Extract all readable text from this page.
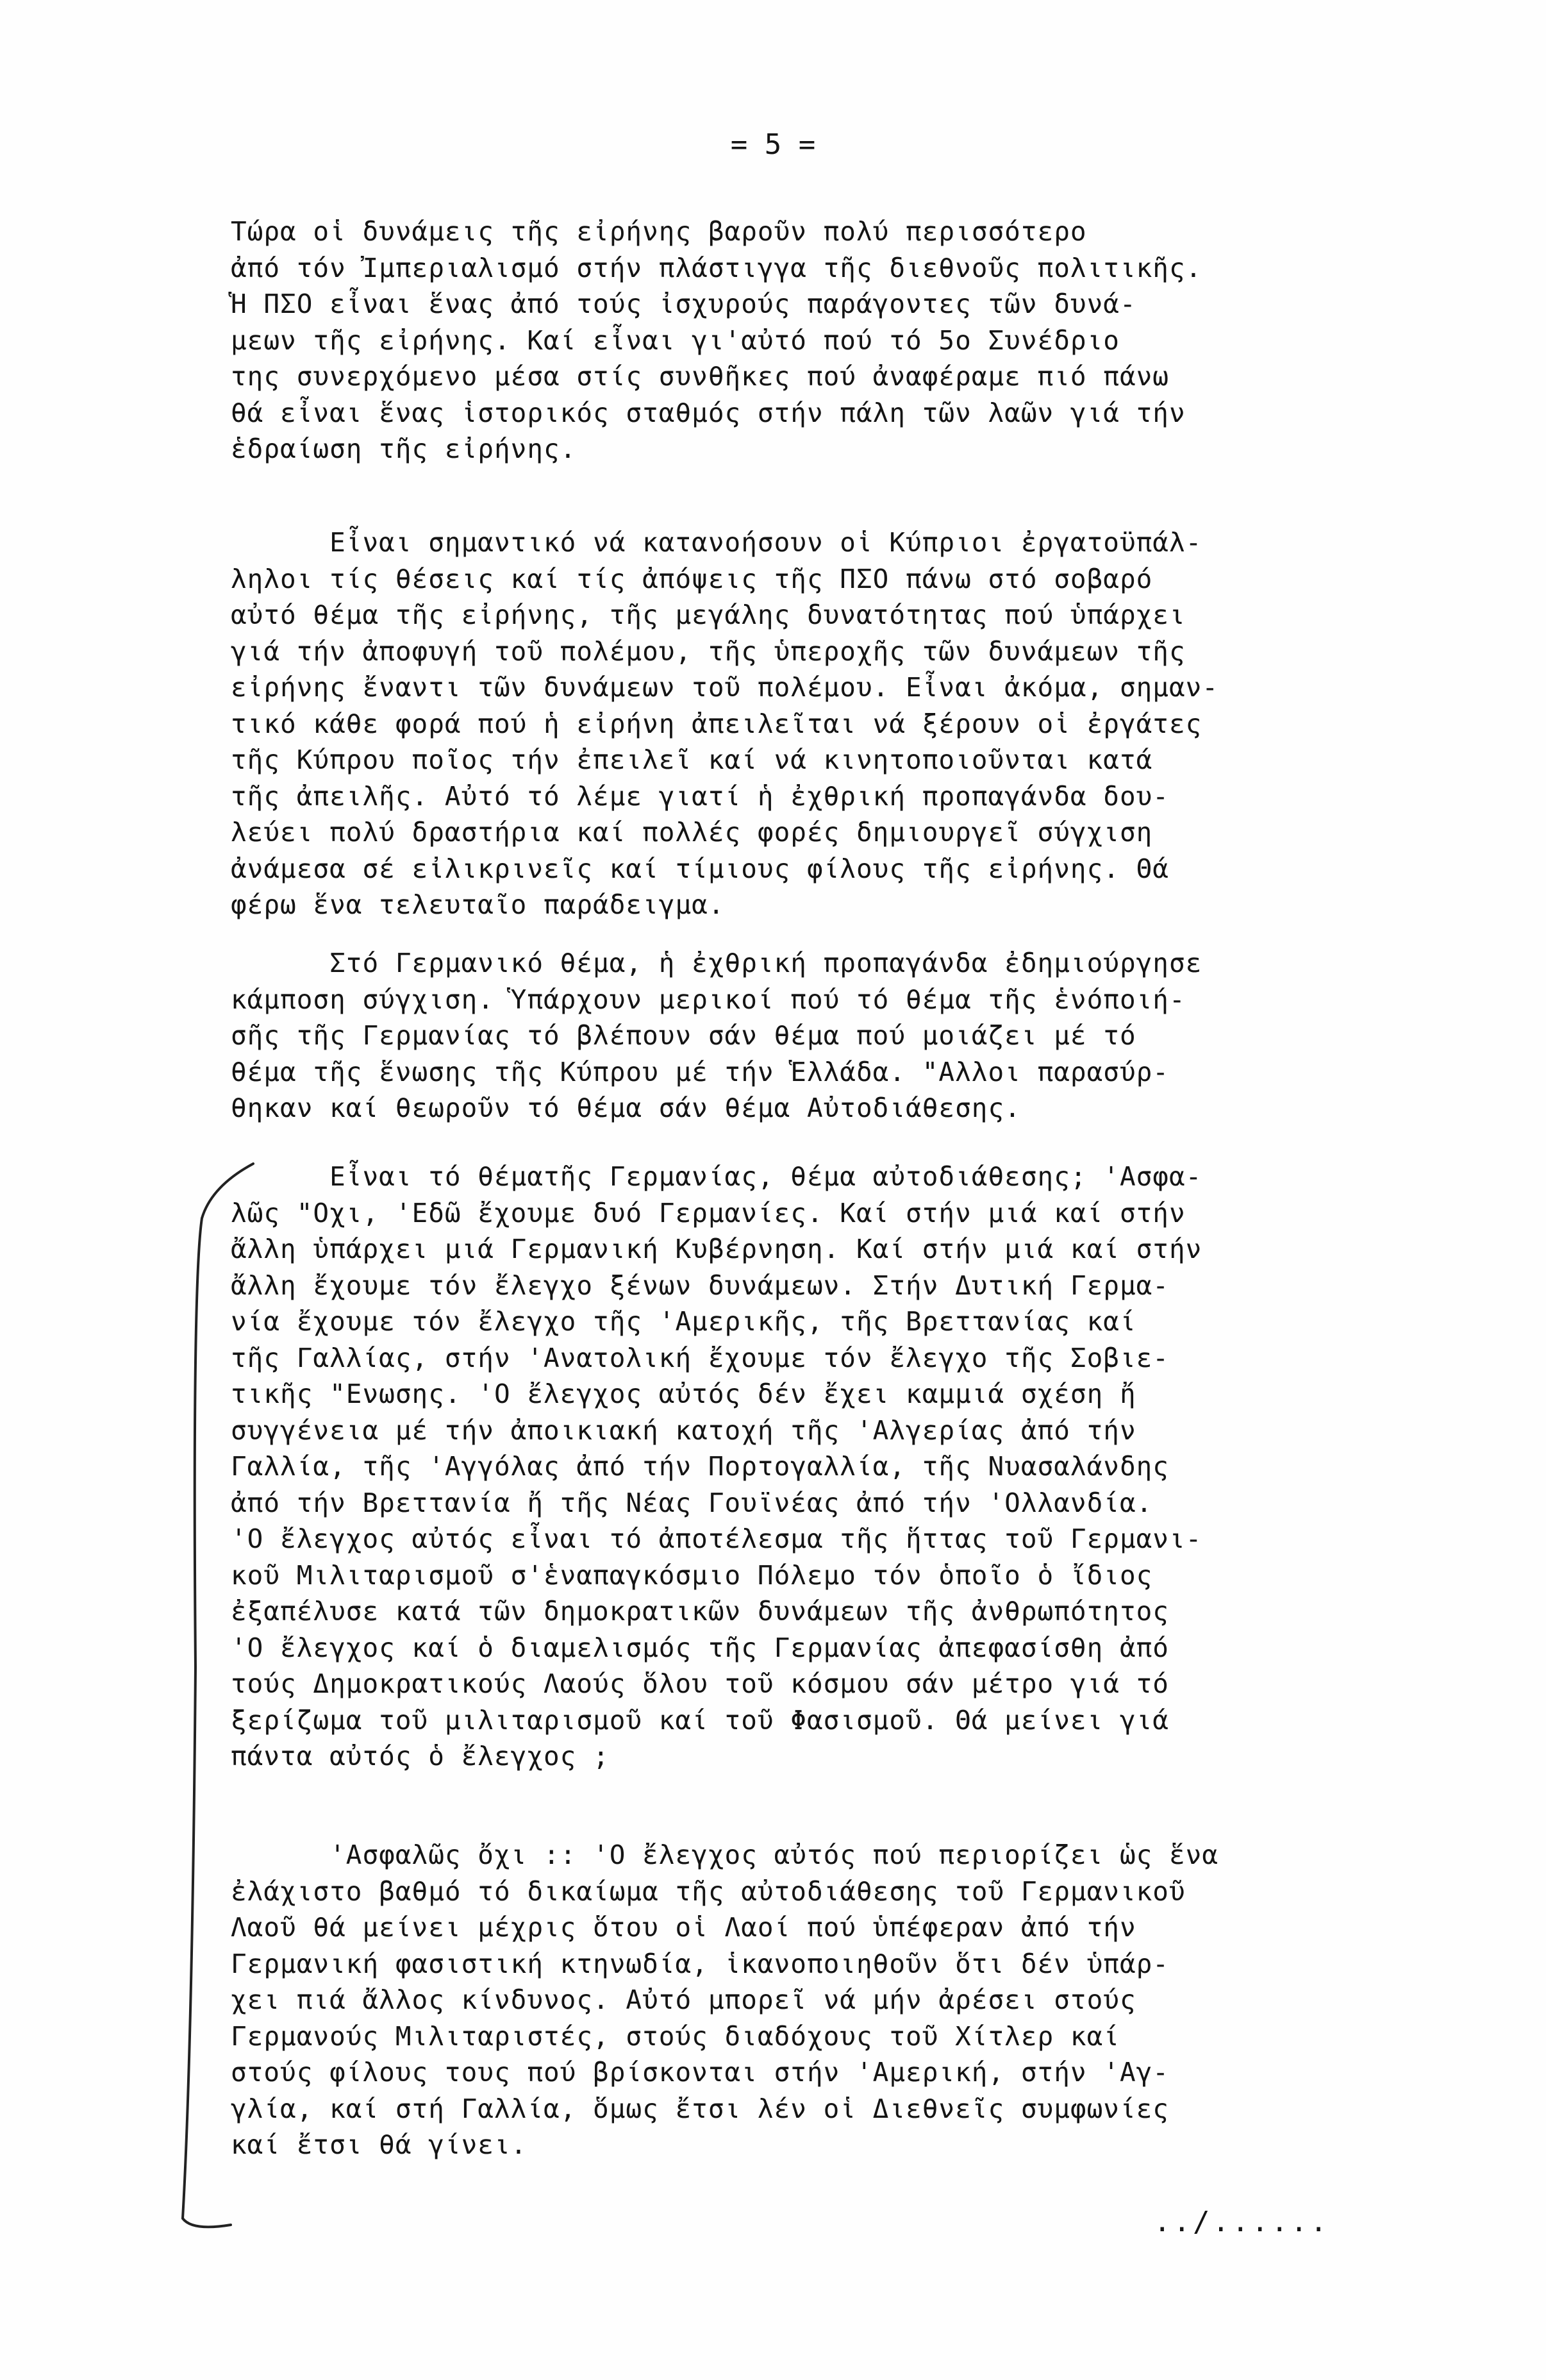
= 5 =
Τώρα οἱ δυνάμεις τῆς εἰρήνης βαροῦν πολύ περισσότερο
ἀπό τόν Ἰμπεριαλισμό στήν πλάστιγγα τῆς διεθνοῦς πολιτικῆς.
Ἡ ΠΣΟ εἶναι ἕνας ἀπό τούς ἰσχυρούς παράγοντες τῶν δυνά-
μεων τῆς εἰρήνης. Καί εἶναι γι'αὐτό πού τό 5ο Συνέδριο
της συνερχόμενο μέσα στίς συνθῆκες πού ἀναφέραμε πιό πάνω
θά εἶναι ἕνας ἱστορικός σταθμός στήν πάλη τῶν λαῶν γιά τήν
ἑδραίωση τῆς εἰρήνης.
Εἶναι σημαντικό νά κατανοήσουν οἱ Κύπριοι ἐργατοϋπάλ-
ληλοι τίς θέσεις καί τίς ἀπόψεις τῆς ΠΣΟ πάνω στό σοβαρό
αὐτό θέμα τῆς εἰρήνης, τῆς μεγάλης δυνατότητας πού ὑπάρχει
γιά τήν ἀποφυγή τοῦ πολέμου, τῆς ὑπεροχῆς τῶν δυνάμεων τῆς
εἰρήνης ἔναντι τῶν δυνάμεων τοῦ πολέμου. Εἶναι ἀκόμα, σημαν-
τικό κάθε φορά πού ἡ εἰρήνη ἀπειλεῖται νά ξέρουν οἱ ἐργάτες
τῆς Κύπρου ποῖος τήν ἐπειλεῖ καί νά κινητοποιοῦνται κατά
τῆς ἀπειλῆς. Αὐτό τό λέμε γιατί ἡ ἐχθρική προπαγάνδα δου-
λεύει πολύ δραστήρια καί πολλές φορές δημιουργεῖ σύγχιση
ἀνάμεσα σέ εἰλικρινεῖς καί τίμιους φίλους τῆς εἰρήνης. Θά
φέρω ἕνα τελευταῖο παράδειγμα.
Στό Γερμανικό θέμα, ἡ ἐχθρική προπαγάνδα ἐδημιούργησε
κάμποση σύγχιση. Ὑπάρχουν μερικοί πού τό θέμα τῆς ἑνόποιή-
σῆς τῆς Γερμανίας τό βλέπουν σάν θέμα πού μοιάζει μέ τό
θέμα τῆς ἕνωσης τῆς Κύπρου μέ τήν Ἑλλάδα. "Αλλοι παρασύρ-
θηκαν καί θεωροῦν τό θέμα σάν θέμα Αὐτοδιάθεσης.
Εἶναι τό θέματῆς Γερμανίας, θέμα αὐτοδιάθεσης; 'Ασφα-
λῶς "Οχι, 'Εδῶ ἔχουμε δυό Γερμανίες. Καί στήν μιά καί στήν
ἄλλη ὑπάρχει μιά Γερμανική Κυβέρνηση. Καί στήν μιά καί στήν
ἄλλη ἔχουμε τόν ἔλεγχο ξένων δυνάμεων. Στήν Δυτική Γερμα-
νία ἔχουμε τόν ἔλεγχο τῆς 'Αμερικῆς, τῆς Βρεττανίας καί
τῆς Γαλλίας, στήν 'Ανατολική ἔχουμε τόν ἔλεγχο τῆς Σοβιε-
τικῆς "Ενωσης. 'Ο ἔλεγχος αὐτός δέν ἔχει καμμιά σχέση ἤ
συγγένεια μέ τήν ἀποικιακή κατοχή τῆς 'Αλγερίας ἀπό τήν
Γαλλία, τῆς 'Αγγόλας ἀπό τήν Πορτογαλλία, τῆς Νυασαλάνδης
ἀπό τήν Βρεττανία ἤ τῆς Νέας Γουϊνέας ἀπό τήν 'Ολλανδία.
'Ο ἔλεγχος αὐτός εἶναι τό ἀποτέλεσμα τῆς ἥττας τοῦ Γερμανι-
κοῦ Μιλιταρισμοῦ σ'ἑναπαγκόσμιο Πόλεμο τόν ὁποῖο ὁ ἴδιος
ἐξαπέλυσε κατά τῶν δημοκρατικῶν δυνάμεων τῆς ἀνθρωπότητος
'Ο ἔλεγχος καί ὁ διαμελισμός τῆς Γερμανίας ἀπεφασίσθη ἀπό
τούς Δημοκρατικούς Λαούς ὅλου τοῦ κόσμου σάν μέτρο γιά τό
ξερίζωμα τοῦ μιλιταρισμοῦ καί τοῦ Φασισμοῦ. Θά μείνει γιά
πάντα αὐτός ὁ ἔλεγχος ;
'Ασφαλῶς ὄχι :: 'Ο ἔλεγχος αὐτός πού περιορίζει ὡς ἕνα
ἐλάχιστο βαθμό τό δικαίωμα τῆς αὐτοδιάθεσης τοῦ Γερμανικοῦ
Λαοῦ θά μείνει μέχρις ὅτου οἱ Λαοί πού ὑπέφεραν ἀπό τήν
Γερμανική φασιστική κτηνωδία, ἱκανοποιηθοῦν ὅτι δέν ὑπάρ-
χει πιά ἄλλος κίνδυνος. Αὐτό μπορεῖ νά μήν ἀρέσει στούς
Γερμανούς Μιλιταριστές, στούς διαδόχους τοῦ Χίτλερ καί
στούς φίλους τους πού βρίσκονται στήν 'Αμερική, στήν 'Αγ-
γλία, καί στή Γαλλία, ὅμως ἔτσι λέν οἱ Διεθνεῖς συμφωνίες
καί ἔτσι θά γίνει.
../......
